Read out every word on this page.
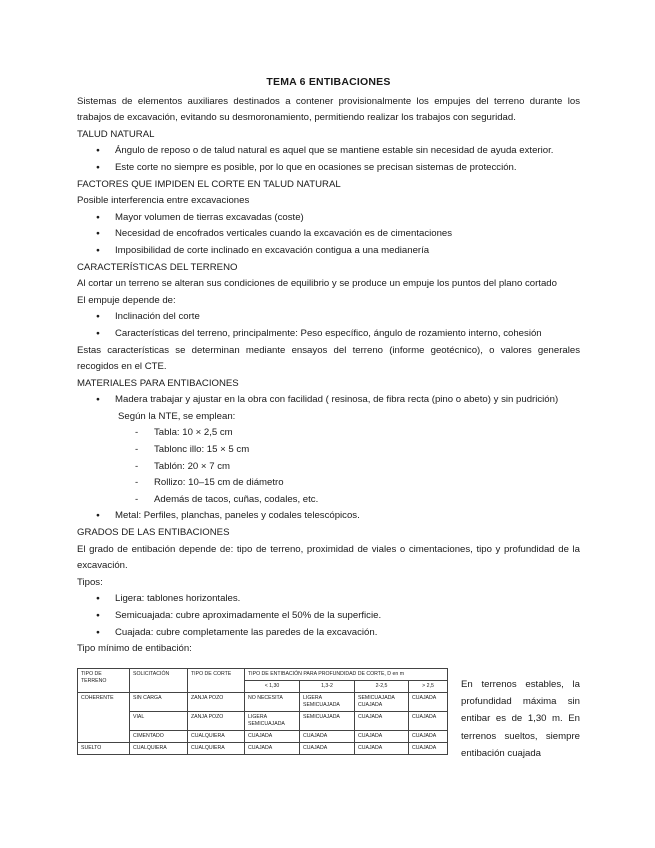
TEMA 6 ENTIBACIONES

Sistemas de elementos auxiliares destinados a contener provisionalmente los empujes del terreno durante los trabajos de excavación, evitando su desmoronamiento, permitiendo realizar los trabajos con seguridad.

TALUD NATURAL

● Ángulo de reposo o de talud natural es aquel que se mantiene estable sin necesidad de ayuda exterior.
● Este corte no siempre es posible, por lo que en ocasiones se precisan sistemas de protección.

FACTORES QUE IMPIDEN EL CORTE EN TALUD NATURAL

Posible interferencia entre excavaciones

● Mayor volumen de tierras excavadas (coste)
● Necesidad de encofrados verticales cuando la excavación es de cimentaciones
● Imposibilidad de corte inclinado en excavación contigua a una medianería

CARACTERÍSTICAS DEL TERRENO

Al cortar un terreno se alteran sus condiciones de equilibrio y se produce un empuje los puntos del plano cortado

El empuje depende de:

● Inclinación del corte
● Características del terreno, principalmente: Peso específico, ángulo de rozamiento interno, cohesión

Estas características se determinan mediante ensayos del terreno (informe geotécnico), o valores generales recogidos en el CTE.

MATERIALES PARA ENTIBACIONES

● Madera trabajar y ajustar en la obra con facilidad ( resinosa, de fibra recta (pino o abeto) y sin pudrición)
Según la NTE, se emplean:
- Tabla: 10 × 2,5 cm
- Tablonc illo: 15 × 5 cm
- Tablón: 20 × 7 cm
- Rollizo: 10–15 cm de diámetro
- Además de tacos, cuñas, codales, etc.
● Metal: Perfiles, planchas, paneles y codales telescópicos.

GRADOS DE LAS ENTIBACIONES

El grado de entibación depende de: tipo de terreno, proximidad de viales o cimentaciones, tipo y profundidad de la excavación.

Tipos:

● Ligera: tablones horizontales.
● Semicuajada: cubre aproximadamente el 50% de la superficie.
● Cuajada: cubre completamente las paredes de la excavación.

Tipo mínimo de entibación:

TIPO DE TERRENO	SOLICITACIÓN	TIPO DE CORTE	TIPO DE ENTIBACIÓN PARA PROFUNDIDAD DE CORTE, D en m			
			< 1,30	1,3-2	2-2,5	> 2,5
COHERENTE	SIN CARGA	ZANJA POZO	NO NECESITA	LIGERA SEMICUAJADA	SEMICUAJADA CUAJADA	CUAJADA
	VIAL	ZANJA POZO	LIGERA SEMICUAJADA	SEMICUAJADA	CUAJADA	CUAJADA
	CIMENTADO	CUALQUIERA	CUAJADA	CUAJADA	CUAJADA	CUAJADA
SUELTO	CUALQUIERA	CUALQUIERA	CUAJADA	CUAJADA	CUAJADA	CUAJADA
En terrenos estables, la profundidad máxima sin entibar es de 1,30 m. En terrenos sueltos, siempre entibación cuajada
